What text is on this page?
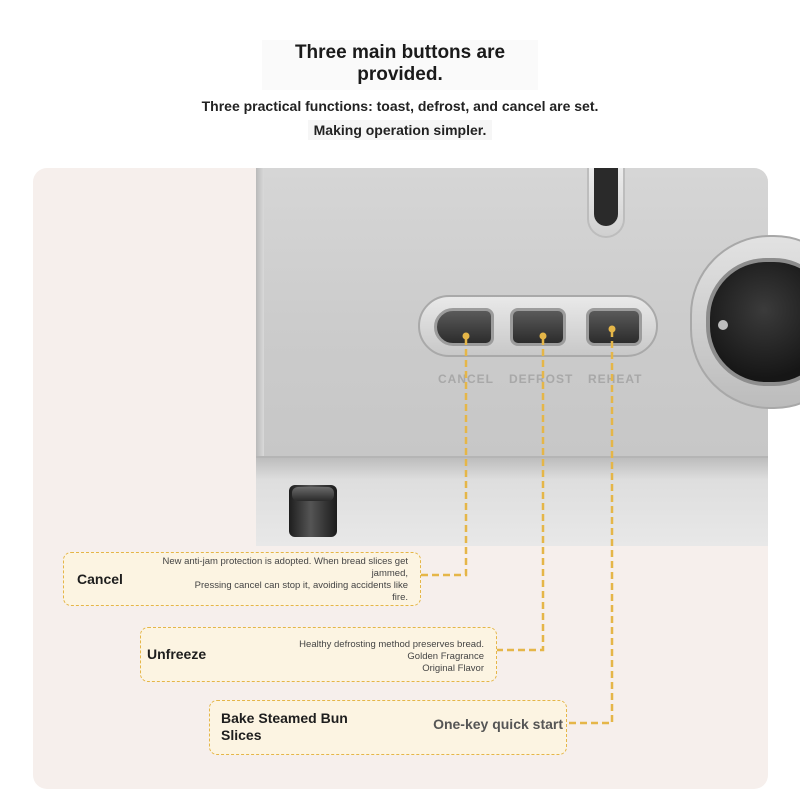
Three main buttons are provided.
Three practical functions: toast, defrost, and cancel are set.
Making operation simpler.
CANCEL DEFROST REHEAT
Cancel
New anti-jam protection is adopted. When bread slices get
jammed,
Pressing cancel can stop it, avoiding accidents like
fire.
Unfreeze
Healthy defrosting method preserves bread.
Golden Fragrance
Original Flavor
Bake Steamed Bun Slices
One-key quick start
